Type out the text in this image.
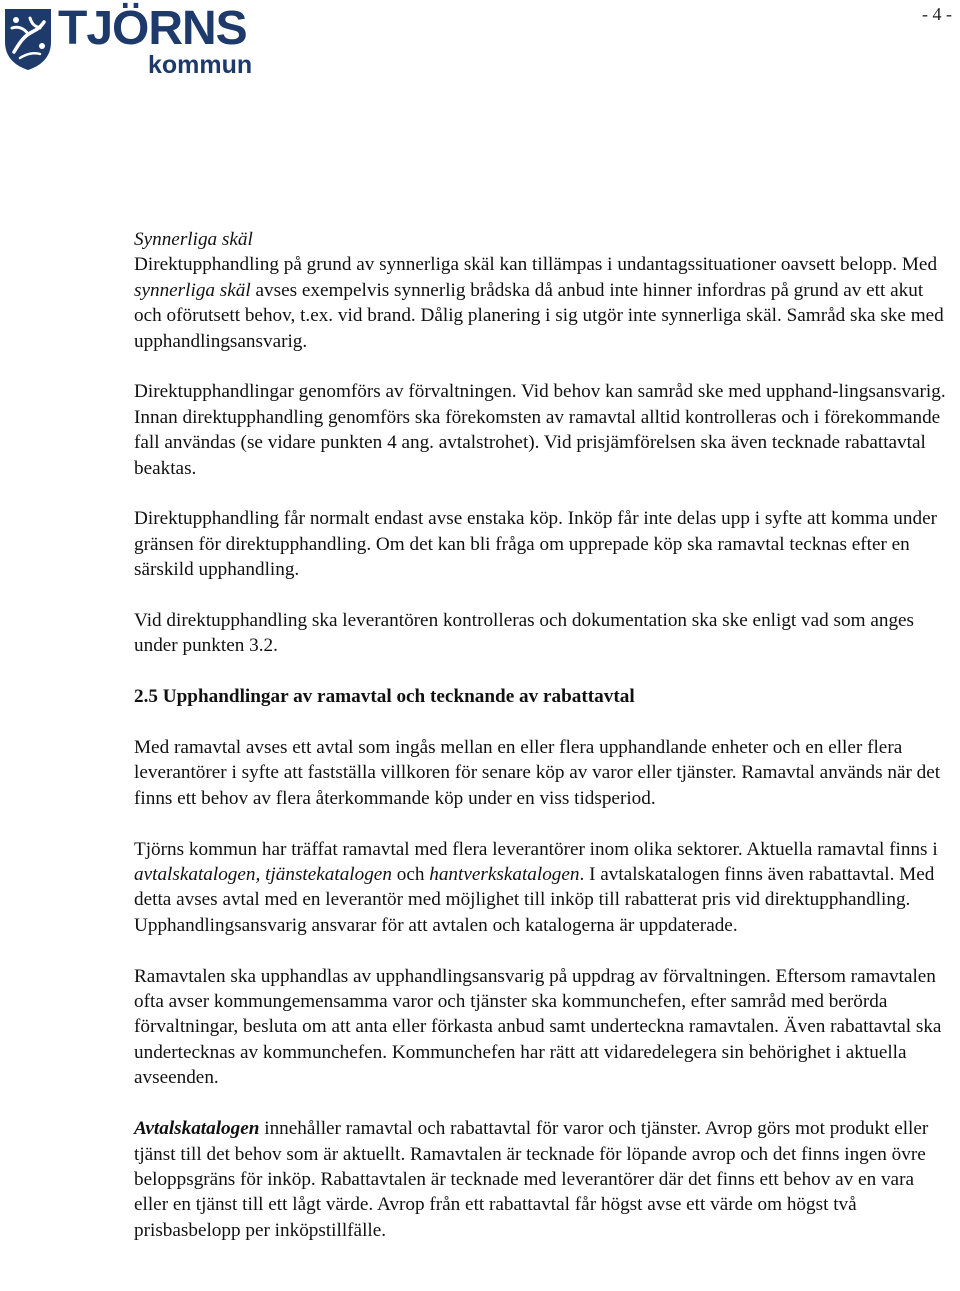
- 4 -
TJÖRNS
kommun

Synnerliga skäl
Direktupphandling på grund av synnerliga skäl kan tillämpas i undantagssituationer oavsett belopp. Med synnerliga skäl avses exempelvis synnerlig brådska då anbud inte hinner infordras på grund av ett akut och oförutsett behov, t.ex. vid brand. Dålig planering i sig utgör inte synnerliga skäl. Samråd ska ske med upphandlingsansvarig.

Direktupphandlingar genomförs av förvaltningen. Vid behov kan samråd ske med upphand-lingsansvarig. Innan direktupphandling genomförs ska förekomsten av ramavtal alltid kontrolleras och i förekommande fall användas (se vidare punkten 4 ang. avtalstrohet). Vid prisjämförelsen ska även tecknade rabattavtal beaktas.

Direktupphandling får normalt endast avse enstaka köp. Inköp får inte delas upp i syfte att komma under gränsen för direktupphandling. Om det kan bli fråga om upprepade köp ska ramavtal tecknas efter en särskild upphandling.

Vid direktupphandling ska leverantören kontrolleras och dokumentation ska ske enligt vad som anges under punkten 3.2.

2.5 Upphandlingar av ramavtal och tecknande av rabattavtal

Med ramavtal avses ett avtal som ingås mellan en eller flera upphandlande enheter och en eller flera leverantörer i syfte att fastställa villkoren för senare köp av varor eller tjänster. Ramavtal används när det finns ett behov av flera återkommande köp under en viss tidsperiod.

Tjörns kommun har träffat ramavtal med flera leverantörer inom olika sektorer. Aktuella ramavtal finns i avtalskatalogen, tjänstekatalogen och hantverkskatalogen. I avtalskatalogen finns även rabattavtal. Med detta avses avtal med en leverantör med möjlighet till inköp till rabatterat pris vid direktupphandling. Upphandlingsansvarig ansvarar för att avtalen och katalogerna är uppdaterade.

Ramavtalen ska upphandlas av upphandlingsansvarig på uppdrag av förvaltningen. Eftersom ramavtalen ofta avser kommungemensamma varor och tjänster ska kommunchefen, efter samråd med berörda förvaltningar, besluta om att anta eller förkasta anbud samt underteckna ramavtalen. Även rabattavtal ska undertecknas av kommunchefen. Kommunchefen har rätt att vidaredelegera sin behörighet i aktuella avseenden.

Avtalskatalogen innehåller ramavtal och rabattavtal för varor och tjänster. Avrop görs mot produkt eller tjänst till det behov som är aktuellt. Ramavtalen är tecknade för löpande avrop och det finns ingen övre beloppsgräns för inköp. Rabattavtalen är tecknade med leverantörer där det finns ett behov av en vara eller en tjänst till ett lågt värde. Avrop från ett rabattavtal får högst avse ett värde om högst två prisbasbelopp per inköpstillfälle.
